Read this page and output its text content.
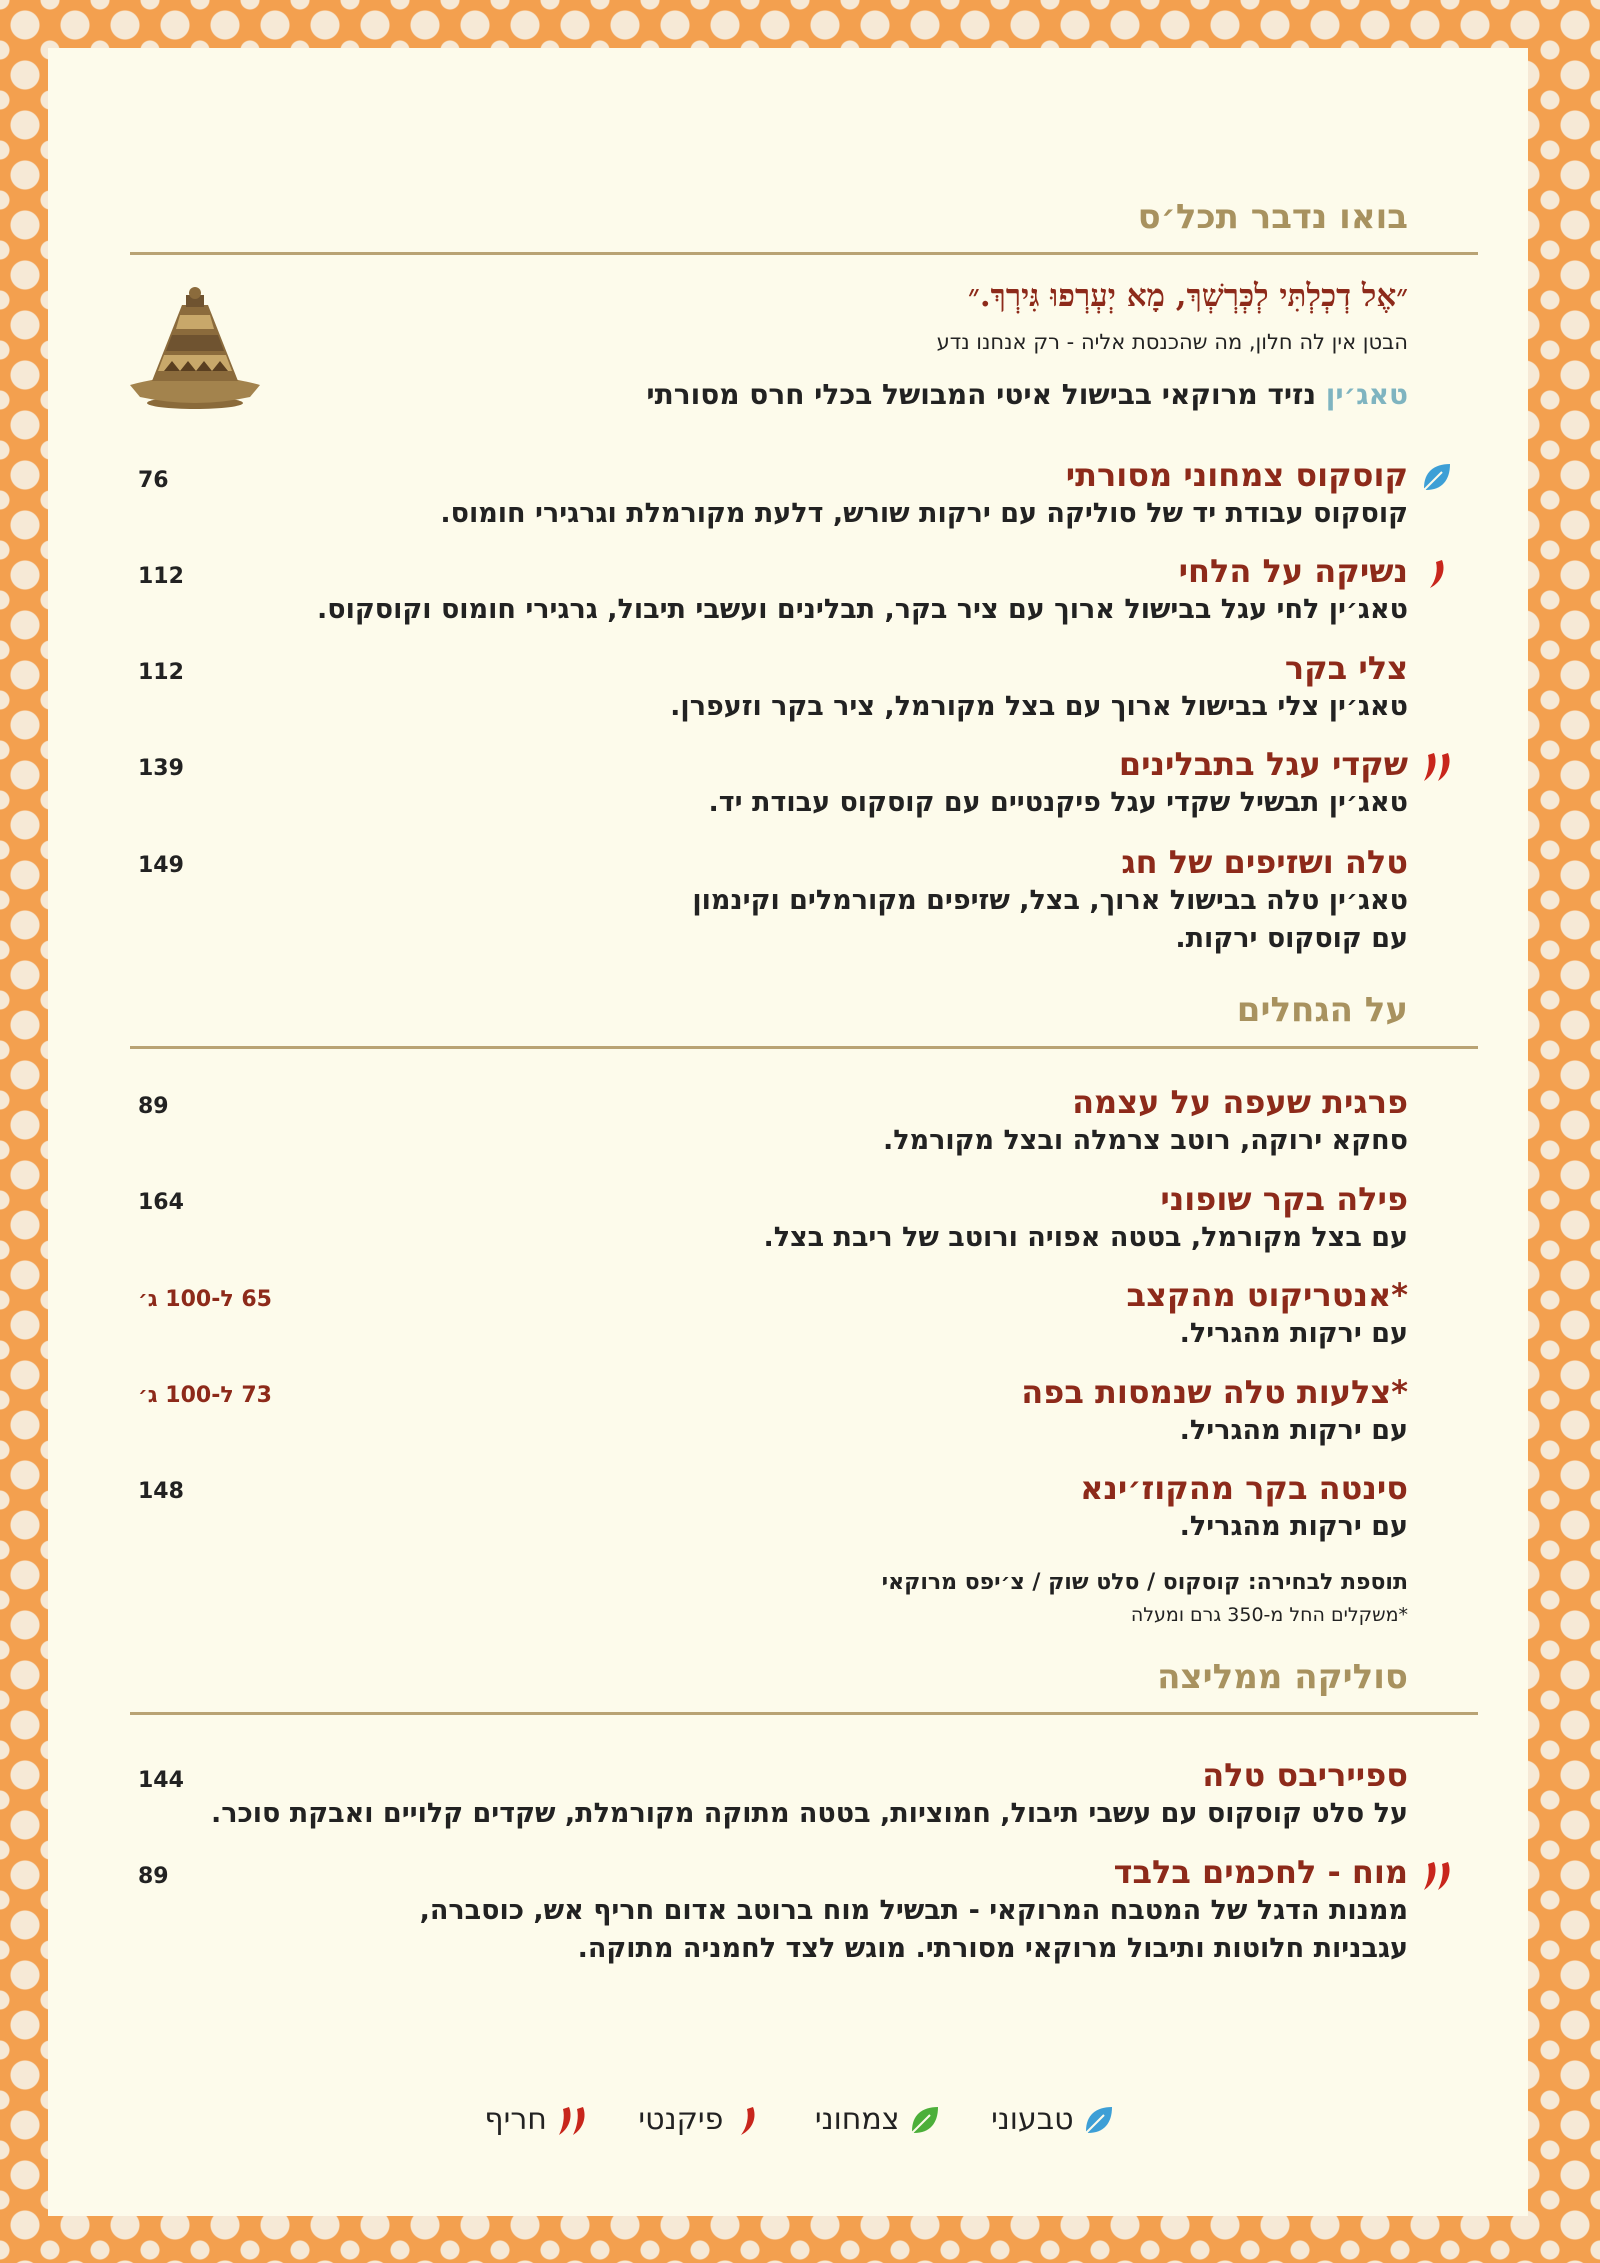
בואו נדבר תכל׳ס
״אֶל דְכְלְתִּי לְכְּרְשְׁךְ, מָא יְעְרְפוּ גִּירְךְ.״
הבטן אין לה חלון, מה שהכנסת אליה - רק אנחנו נדע
טאג׳ין נזיד מרוקאי בבישול איטי המבושל בכלי חרס מסורתי
קוסקוס צמחוני מסורתי
קוסקוס עבודת יד של סוליקה עם ירקות שורש, דלעת מקורמלת וגרגירי חומוס.
76
נשיקה על הלחי
טאג׳ין לחי עגל בבישול ארוך עם ציר בקר, תבלינים ועשבי תיבול, גרגירי חומוס וקוסקוס.
112
צלי בקר
טאג׳ין צלי בבישול ארוך עם בצל מקורמל, ציר בקר וזעפרן.
112
שקדי עגל בתבלינים
טאג׳ין תבשיל שקדי עגל פיקנטיים עם קוסקוס עבודת יד.
139
טלה ושזיפים של חג
טאג׳ין טלה בבישול ארוך, בצל, שזיפים מקורמלים וקינמון
עם קוסקוס ירקות.
149
על הגחלים
פרגית שעפה על עצמה
סחקא ירוקה, רוטב צרמלה ובצל מקורמל.
89
פילה בקר שופוני
עם בצל מקורמל, בטטה אפויה ורוטב של ריבת בצל.
164
*אנטריקוט מהקצב
עם ירקות מהגריל.
65 ל-100 ג׳
*צלעות טלה שנמסות בפה
עם ירקות מהגריל.
73 ל-100 ג׳
סינטה בקר מהקוז׳ינא
עם ירקות מהגריל.
148
תוספת לבחירה: קוסקוס / סלט שוק / צ׳יפס מרוקאי
*משקלים החל מ-350 גרם ומעלה
סוליקה ממליצה
ספייריבס טלה
על סלט קוסקוס עם עשבי תיבול, חמוציות, בטטה מתוקה מקורמלת, שקדים קלויים ואבקת סוכר.
144
מוח - לחכמים בלבד
ממנות הדגל של המטבח המרוקאי - תבשיל מוח ברוטב אדום חריף אש, כוסברה,
עגבניות חלוטות ותיבול מרוקאי מסורתי. מוגש לצד לחמניה מתוקה.
89
טבעוני

צמחוני

פיקנטי

חריף
